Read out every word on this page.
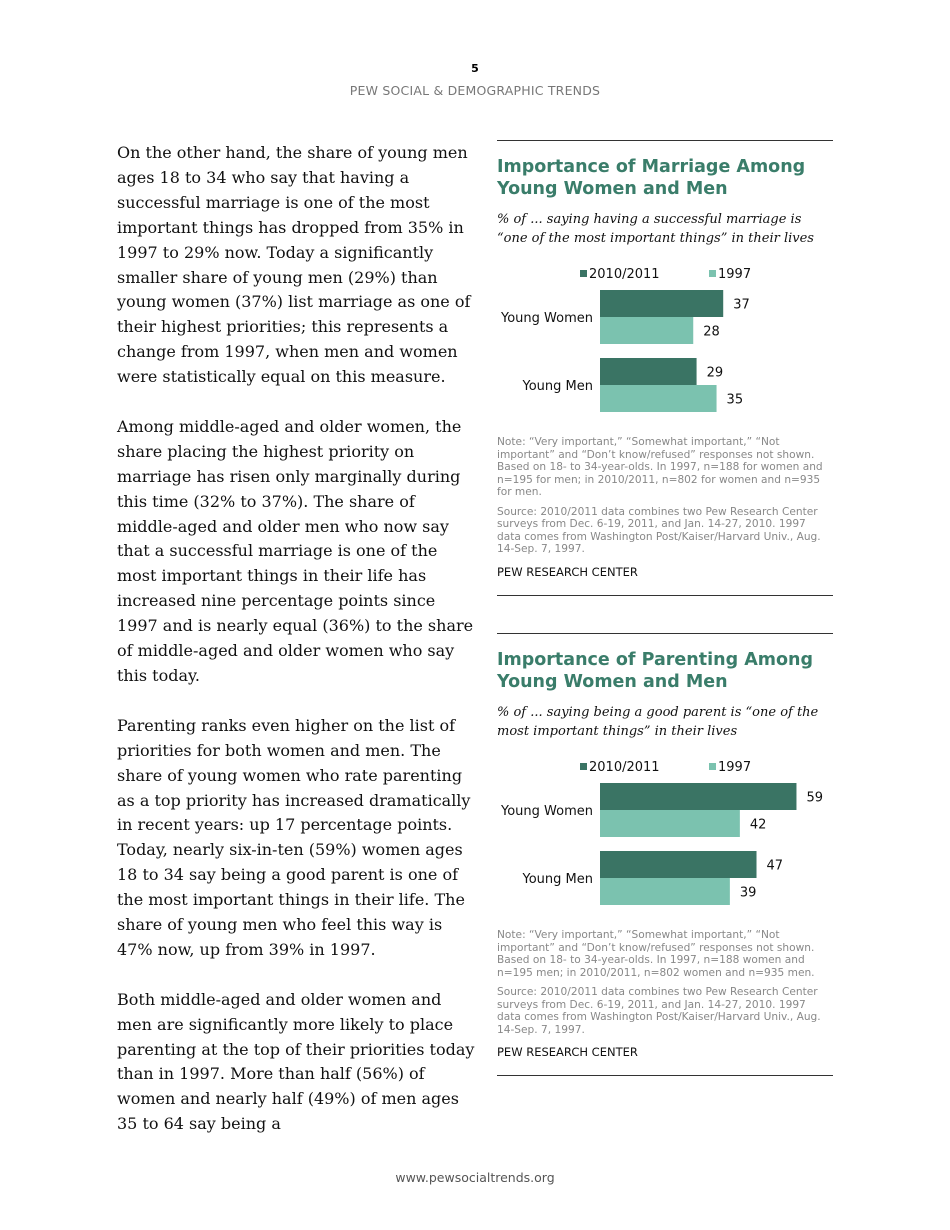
5
PEW SOCIAL & DEMOGRAPHIC TRENDS

On the other hand, the share of young men ages 18 to 34 who say that having a successful marriage is one of the most important things has dropped from 35% in 1997 to 29% now. Today a significantly smaller share of young men (29%) than young women (37%) list marriage as one of their highest priorities; this represents a change from 1997, when men and women were statistically equal on this measure.

Among middle-aged and older women, the share placing the highest priority on marriage has risen only marginally during this time (32% to 37%). The share of middle-aged and older men who now say that a successful marriage is one of the most important things in their life has increased nine percentage points since 1997 and is nearly equal (36%) to the share of middle-aged and older women who say this today.

Parenting ranks even higher on the list of priorities for both women and men. The share of young women who rate parenting as a top priority has increased dramatically in recent years: up 17 percentage points. Today, nearly six-in-ten (59%) women ages 18 to 34 say being a good parent is one of the most important things in their life. The share of young men who feel this way is 47% now, up from 39% in 1997.

Both middle-aged and older women and men are significantly more likely to place parenting at the top of their priorities today than in 1997. More than half (56%) of women and nearly half (49%) of men ages 35 to 64 say being a

Importance of Marriage Among Young Women and Men
% of ... saying having a successful marriage is “one of the most important things” in their lives
2010/2011	1997
Young Women
37
28
Young Men
29
35
Note: “Very important,” “Somewhat important,” “Not important” and “Don’t know/refused” responses not shown. Based on 18- to 34-year-olds. In 1997, n=188 for women and n=195 for men; in 2010/2011, n=802 for women and n=935 for men.
Source: 2010/2011 data combines two Pew Research Center surveys from Dec. 6-19, 2011, and Jan. 14-27, 2010. 1997 data comes from Washington Post/Kaiser/Harvard Univ., Aug. 14-Sep. 7, 1997.
PEW RESEARCH CENTER
Importance of Parenting Among Young Women and Men
% of ... saying being a good parent is “one of the most important things” in their lives
2010/2011	1997
Young Women
59
42
Young Men
47
39
Note: “Very important,” “Somewhat important,” “Not important” and “Don’t know/refused” responses not shown. Based on 18- to 34-year-olds. In 1997, n=188 women and n=195 men; in 2010/2011, n=802 women and n=935 men.
Source: 2010/2011 data combines two Pew Research Center surveys from Dec. 6-19, 2011, and Jan. 14-27, 2010. 1997 data comes from Washington Post/Kaiser/Harvard Univ., Aug. 14-Sep. 7, 1997.
PEW RESEARCH CENTER
www.pewsocialtrends.org
